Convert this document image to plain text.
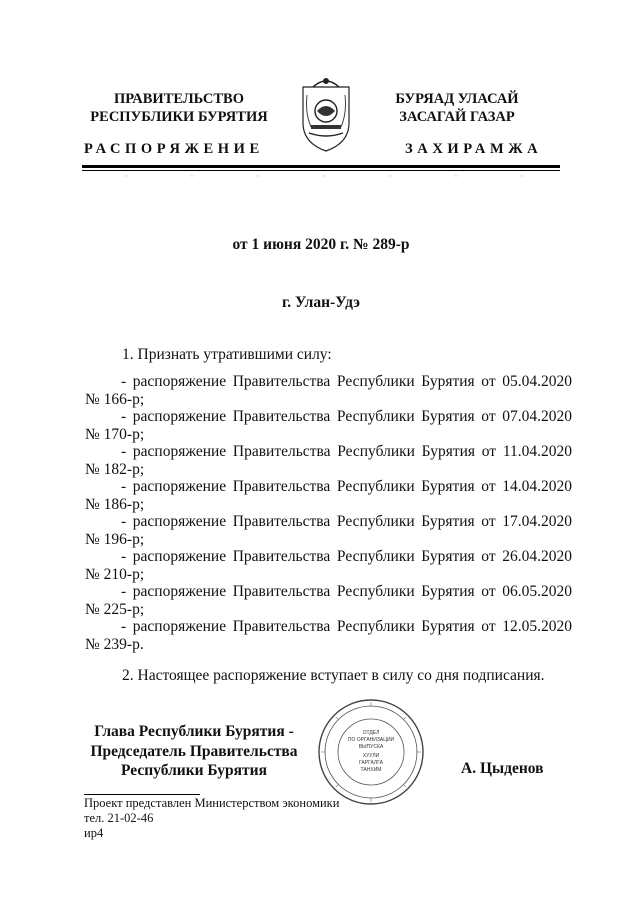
ПРАВИТЕЛЬСТВО
РЕСПУБЛИКИ БУРЯТИЯ
РАСПОРЯЖЕНИЕ
БУРЯАД УЛАСАЙ
ЗАСАГАЙ ГАЗАР
ЗАХИРАМЖА
от 1 июня 2020 г. № 289-р
г. Улан-Удэ
1. Признать утратившими силу:
- распоряжение Правительства Республики Бурятия от 05.04.2020
№ 166-р;
- распоряжение Правительства Республики Бурятия от 07.04.2020
№ 170-р;
- распоряжение Правительства Республики Бурятия от 11.04.2020
№ 182-р;
- распоряжение Правительства Республики Бурятия от 14.04.2020
№ 186-р;
- распоряжение Правительства Республики Бурятия от 17.04.2020
№ 196-р;
- распоряжение Правительства Республики Бурятия от 26.04.2020
№ 210-р;
- распоряжение Правительства Республики Бурятия от 06.05.2020
№ 225-р;
- распоряжение Правительства Республики Бурятия от 12.05.2020
№ 239-р.
2. Настоящее распоряжение вступает в силу со дня подписания.
Глава Республики Бурятия -
Председатель Правительства
Республики Бурятия
ОТДЕЛ
ПО ОРГАНИЗАЦИИ
ВЫПУСКА
ХУУЛИ
ГАРГАЛГА
ТАНХИМ	А. Цыденов
Проект представлен Министерством экономики
тел. 21-02-46
ир4
